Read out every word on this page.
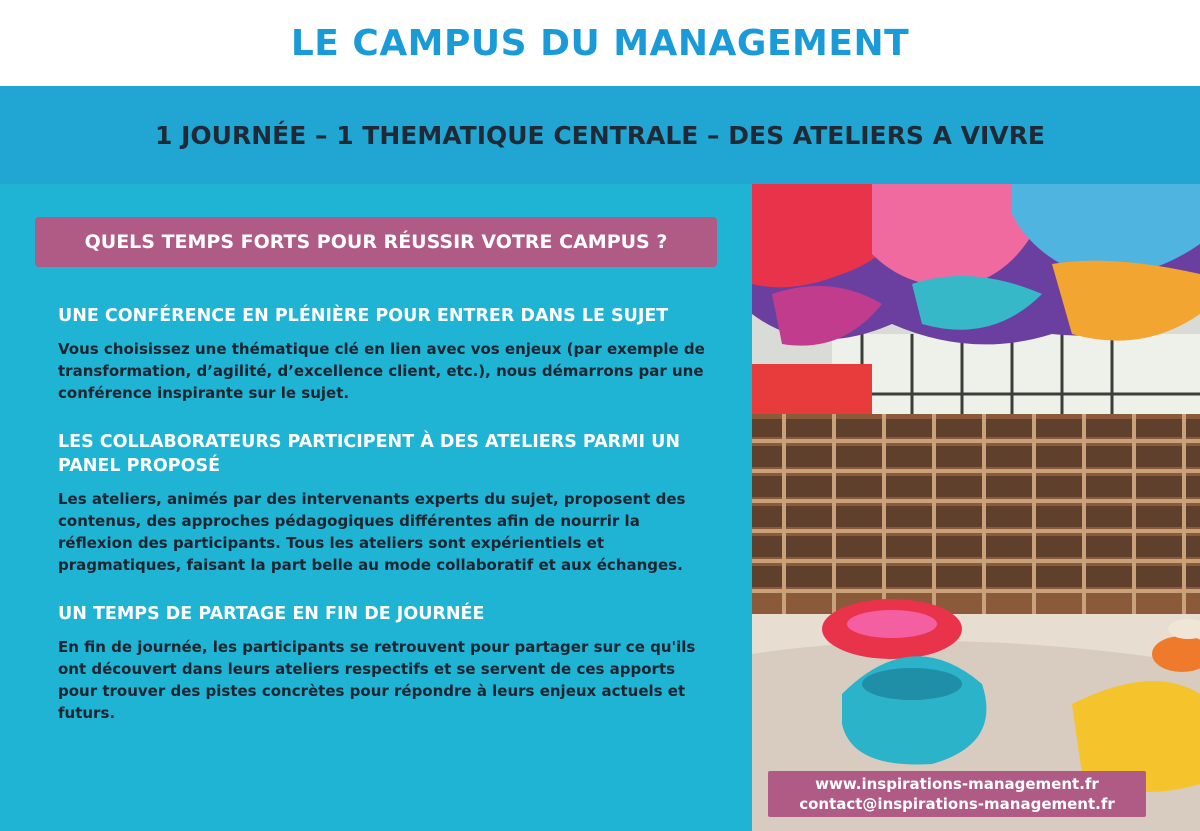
LE CAMPUS DU MANAGEMENT
1 JOURNÉE – 1 THEMATIQUE CENTRALE – DES ATELIERS A VIVRE
QUELS TEMPS FORTS POUR RÉUSSIR VOTRE CAMPUS ?
UNE CONFÉRENCE EN PLÉNIÈRE POUR ENTRER DANS LE SUJET

Vous choisissez une thématique clé en lien avec vos enjeux (par exemple de transformation, d’agilité, d’excellence client, etc.), nous démarrons par une conférence inspirante sur le sujet.

LES COLLABORATEURS PARTICIPENT À DES ATELIERS PARMI UN PANEL PROPOSÉ

Les ateliers, animés par des intervenants experts du sujet, proposent des contenus, des approches pédagogiques différentes afin de nourrir la réflexion des participants. Tous les ateliers sont expérientiels et pragmatiques, faisant la part belle au mode collaboratif et aux échanges.

UN TEMPS DE PARTAGE EN FIN DE JOURNÉE

En fin de journée, les participants se retrouvent pour partager sur ce qu'ils ont découvert dans leurs ateliers respectifs et se servent de ces apports pour trouver des pistes concrètes pour répondre à leurs enjeux actuels et futurs.

www.inspirations-management.fr
contact@inspirations-management.fr
